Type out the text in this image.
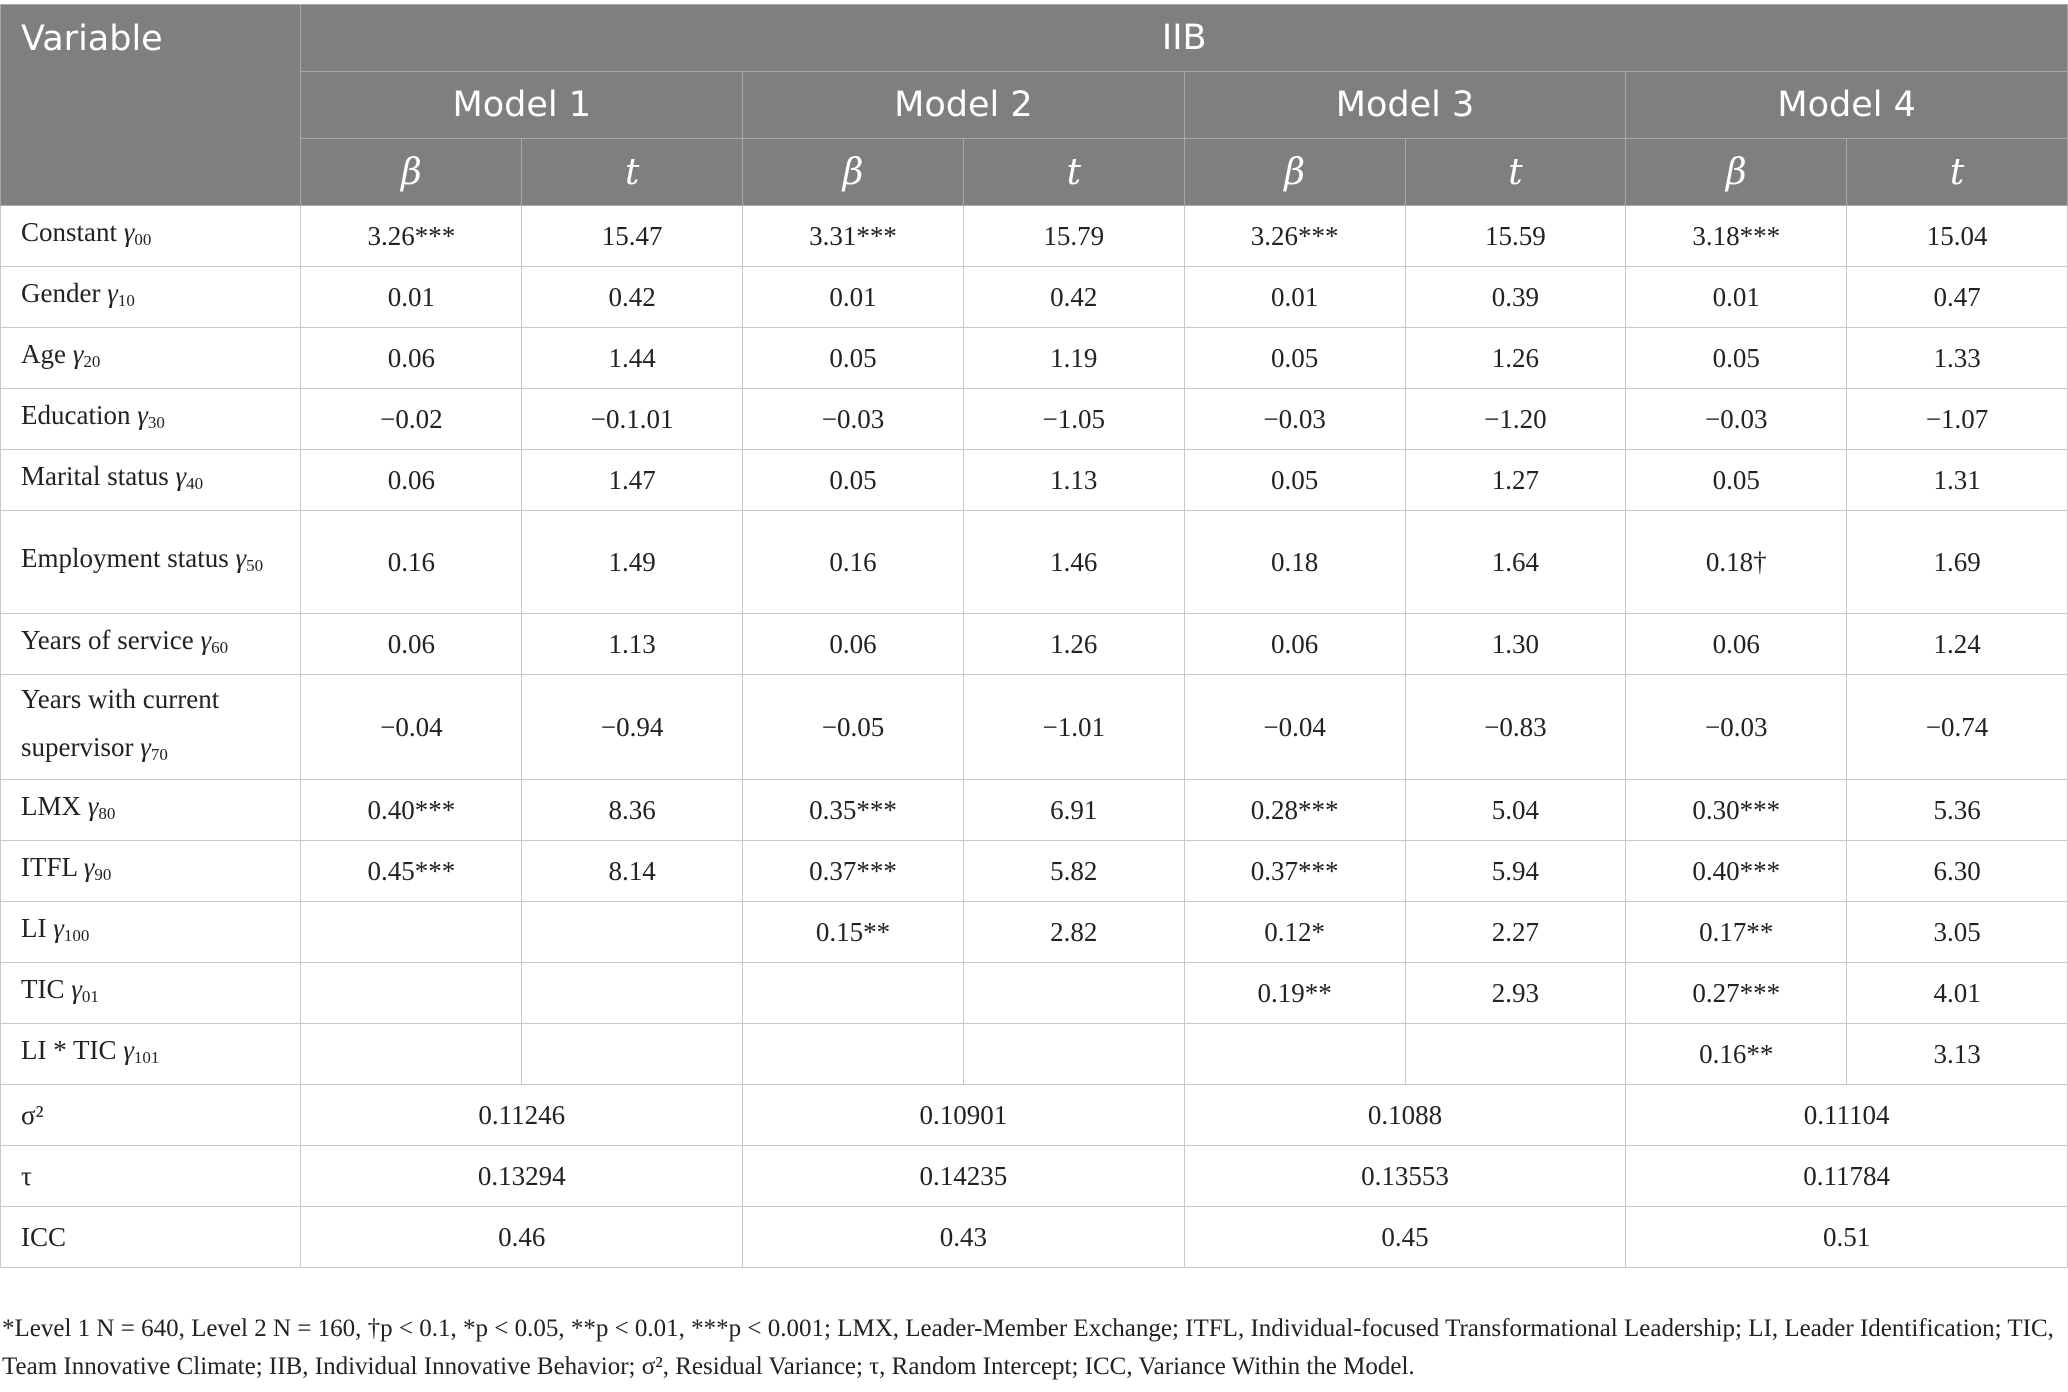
Variable	IIB							
	Model 1		Model 2		Model 3		Model 4	
	β	t	β	t	β	t	β	t
Constant $\gamma_{00}$	3.26***	15.47	3.31***	15.79	3.26***	15.59	3.18***	15.04
Gender $\gamma_{10}$	0.01	0.42	0.01	0.42	0.01	0.39	0.01	0.47
Age $\gamma_{20}$	0.06	1.44	0.05	1.19	0.05	1.26	0.05	1.33
Education $\gamma_{30}$	−0.02	−0.1.01	−0.03	−1.05	−0.03	−1.20	−0.03	−1.07
Marital status $\gamma_{40}$	0.06	1.47	0.05	1.13	0.05	1.27	0.05	1.31
Employment status $\gamma_{50}$	0.16	1.49	0.16	1.46	0.18	1.64	0.18†	1.69
Years of service $\gamma_{60}$	0.06	1.13	0.06	1.26	0.06	1.30	0.06	1.24
Years with current supervisor $\gamma_{70}$	−0.04	−0.94	−0.05	−1.01	−0.04	−0.83	−0.03	−0.74
LMX $\gamma_{80}$	0.40***	8.36	0.35***	6.91	0.28***	5.04	0.30***	5.36
ITFL $\gamma_{90}$	0.45***	8.14	0.37***	5.82	0.37***	5.94	0.40***	6.30
LI $\gamma_{100}$			0.15**	2.82	0.12*	2.27	0.17**	3.05
TIC $\gamma_{01}$					0.19**	2.93	0.27***	4.01
LI * TIC $\gamma_{101}$							0.16**	3.13
σ²	0.11246		0.10901		0.1088		0.11104	
τ	0.13294		0.14235		0.13553		0.11784	
ICC	0.46		0.43		0.45		0.51	

*Level 1 N = 640, Level 2 N = 160, †p < 0.1, *p < 0.05, **p < 0.01, ***p < 0.001; LMX, Leader-Member Exchange; ITFL, Individual-focused Transformational Leadership; LI, Leader Identification; TIC, Team Innovative Climate; IIB, Individual Innovative Behavior; σ², Residual Variance; τ, Random Intercept; ICC, Variance Within the Model.
